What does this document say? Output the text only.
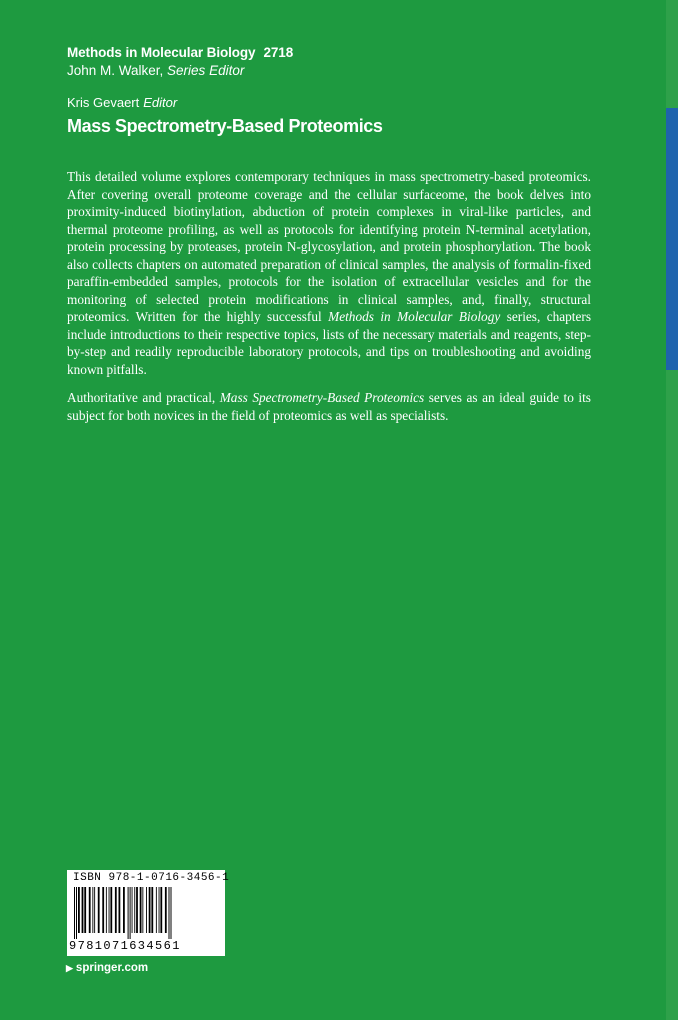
Methods in Molecular Biology 2718
John M. Walker, Series Editor
Kris Gevaert Editor
Mass Spectrometry-Based Proteomics

This detailed volume explores contemporary techniques in mass spectrometry-based proteomics. After covering overall proteome coverage and the cellular surfaceome, the book delves into proximity-induced biotinylation, abduction of protein complexes in viral-like particles, and thermal proteome profiling, as well as protocols for identifying protein N-terminal acetylation, protein processing by proteases, protein N-glycosylation, and protein phosphorylation. The book also collects chapters on automated preparation of clinical samples, the analysis of formalin-fixed paraffin-embedded samples, protocols for the isolation of extracellular vesicles and for the monitoring of selected protein modifications in clinical samples, and, finally, structural proteomics. Written for the highly successful Methods in Molecular Biology series, chapters include introductions to their respective topics, lists of the necessary materials and reagents, step-by-step and readily reproducible laboratory protocols, and tips on troubleshooting and avoiding known pitfalls.

Authoritative and practical, Mass Spectrometry-Based Proteomics serves as an ideal guide to its subject for both novices in the field of proteomics as well as specialists.

ISBN 978-1-0716-3456-1
9781071634561
▶ springer.com
